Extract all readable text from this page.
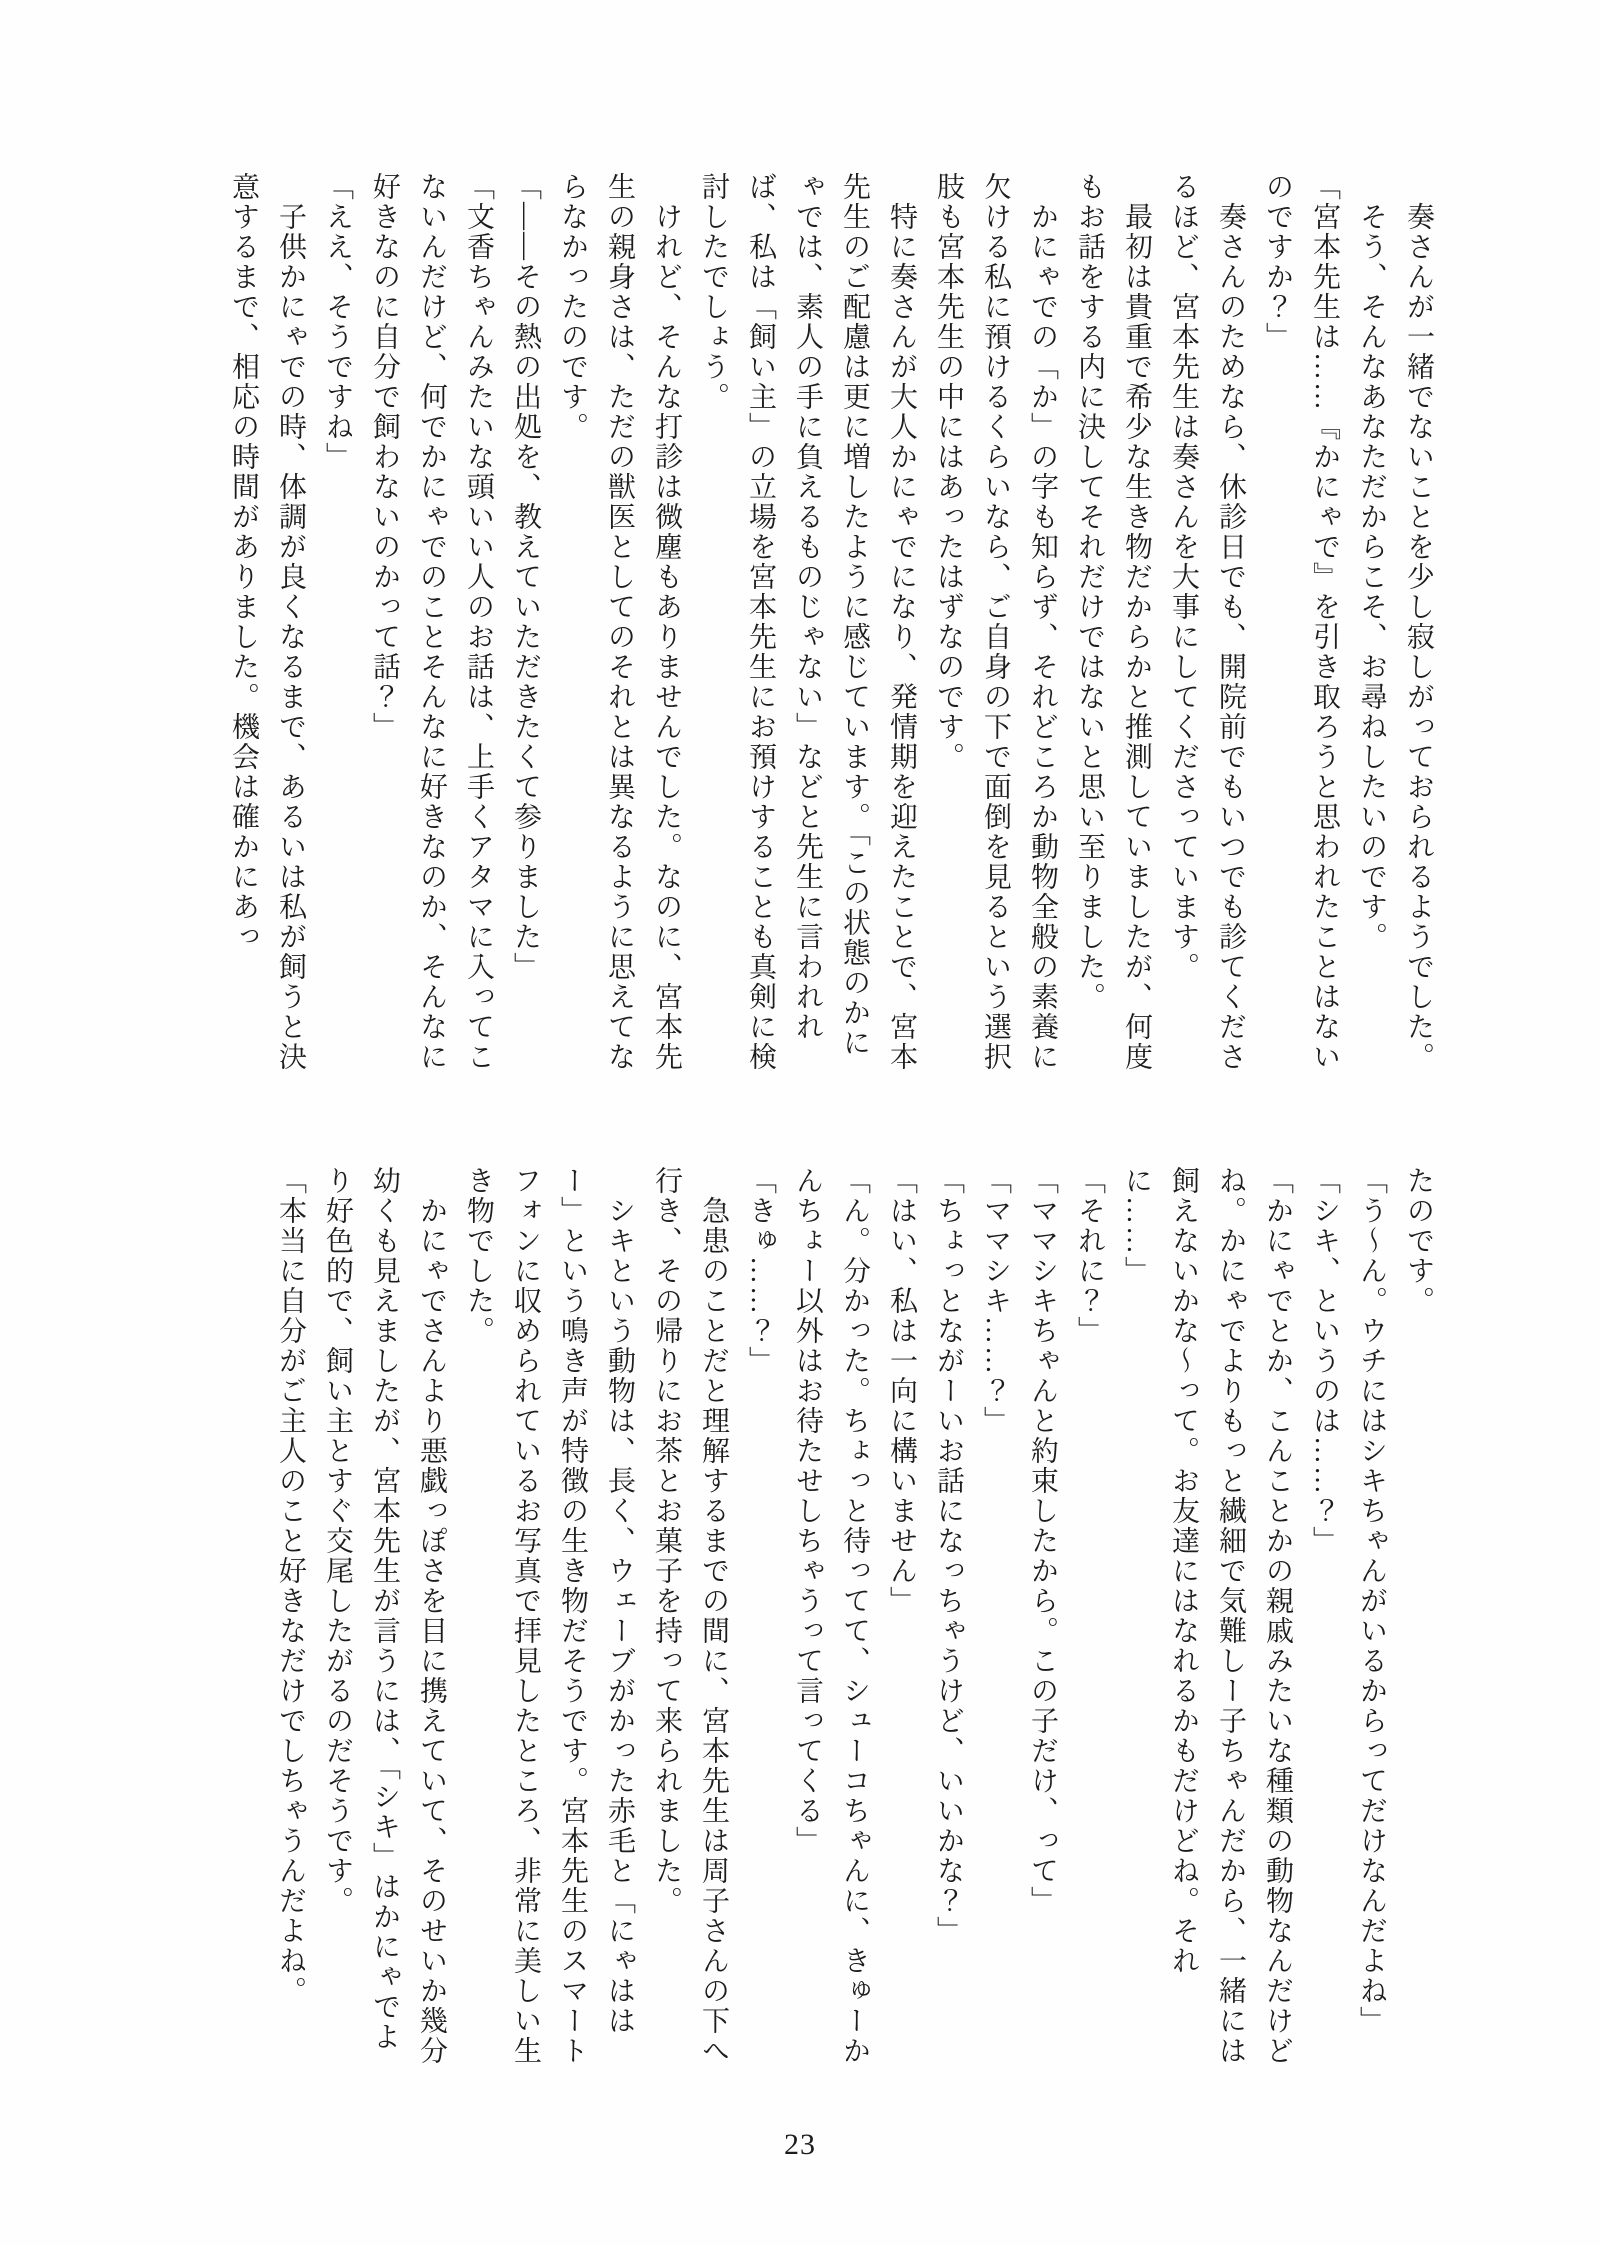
　奏さんが一緒でないことを少し寂しがっておられるようでした。

　そう、そんなあなただからこそ、お尋ねしたいのです。

「宮本先生は……『かにゃで』を引き取ろうと思われたことはないのですか？」

　奏さんのためなら、休診日でも、開院前でもいつでも診てくださるほど、宮本先生は奏さんを大事にしてくださっています。

　最初は貴重で希少な生き物だからかと推測していましたが、何度もお話をする内に決してそれだけではないと思い至りました。

　かにゃでの「か」の字も知らず、それどころか動物全般の素養に欠ける私に預けるくらいなら、ご自身の下で面倒を見るという選択肢も宮本先生の中にはあったはずなのです。

　特に奏さんが大人かにゃでになり、発情期を迎えたことで、宮本先生のご配慮は更に増したように感じています。「この状態のかにゃでは、素人の手に負えるものじゃない」などと先生に言われれば、私は「飼い主」の立場を宮本先生にお預けすることも真剣に検討したでしょう。

　けれど、そんな打診は微塵もありませんでした。なのに、宮本先生の親身さは、ただの獣医としてのそれとは異なるように思えてならなかったのです。

「――その熱の出処を、教えていただきたくて参りました」

「文香ちゃんみたいな頭いい人のお話は、上手くアタマに入ってこないんだけど、何でかにゃでのことそんなに好きなのか、そんなに好きなのに自分で飼わないのかって話？」

「ええ、そうですね」

　子供かにゃでの時、体調が良くなるまで、あるいは私が飼うと決意するまで、相応の時間がありました。機会は確かにあっ

たのです。

「う〜ん。ウチにはシキちゃんがいるからってだけなんだよね」

「シキ、というのは……？」

「かにゃでとか、こんことかの親戚みたいな種類の動物なんだけどね。かにゃでよりもっと繊細で気難しー子ちゃんだから、一緒には飼えないかな〜って。お友達にはなれるかもだけどね。それに……」

「それに？」

「ママシキちゃんと約束したから。この子だけ、って」

「ママシキ……？」

「ちょっとながーいお話になっちゃうけど、いいかな？」

「はい、私は一向に構いません」

「ん。分かった。ちょっと待ってて、シューコちゃんに、きゅーかんちょー以外はお待たせしちゃうって言ってくる」

「きゅ……？」

　急患のことだと理解するまでの間に、宮本先生は周子さんの下へ行き、その帰りにお茶とお菓子を持って来られました。

　シキという動物は、長く、ウェーブがかった赤毛と「にゃははー」という鳴き声が特徴の生き物だそうです。宮本先生のスマートフォンに収められているお写真で拝見したところ、非常に美しい生き物でした。

　かにゃでさんより悪戯っぽさを目に携えていて、そのせいか幾分幼くも見えましたが、宮本先生が言うには、「シキ」はかにゃでより好色的で、飼い主とすぐ交尾したがるのだそうです。

「本当に自分がご主人のこと好きなだけでしちゃうんだよね。

23
